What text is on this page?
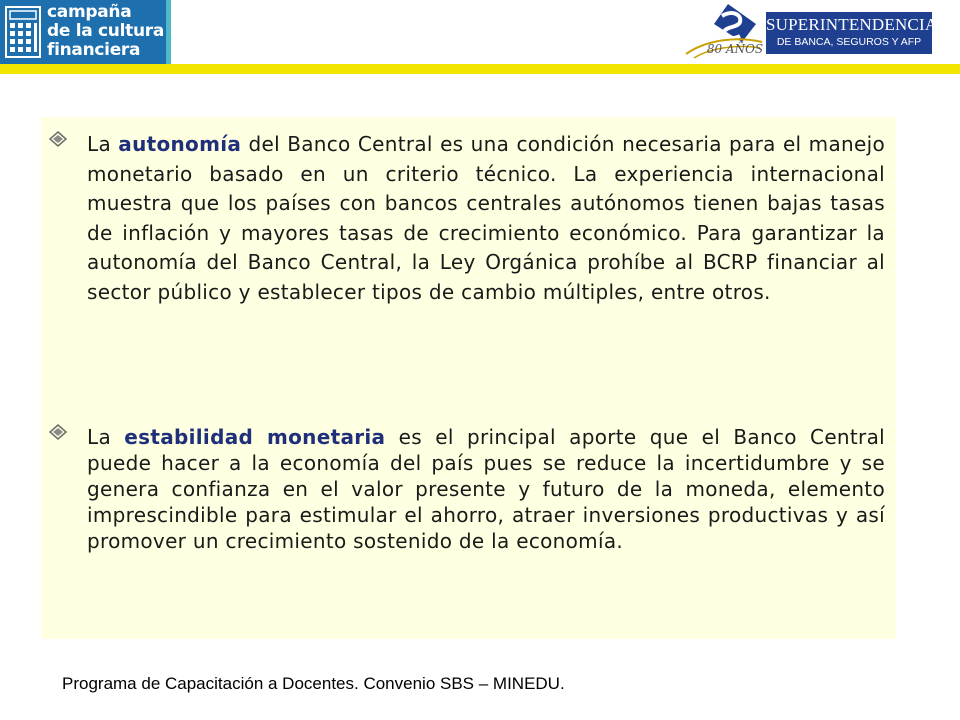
campaña
de la cultura
financiera	80 AÑOS
SUPERINTENDENCIA
DE BANCA, SEGUROS Y AFP
La autonomía del Banco Central es una condición necesaria para el manejo monetario basado en un criterio técnico. La experiencia internacional muestra que los países con bancos centrales autónomos tienen bajas tasas de inflación y mayores tasas de crecimiento económico. Para garantizar la autonomía del Banco Central, la Ley Orgánica prohíbe al BCRP financiar al sector público y establecer tipos de cambio múltiples, entre otros.
La estabilidad monetaria es el principal aporte que el Banco Central puede hacer a la economía del país pues se reduce la incertidumbre y se genera confianza en el valor presente y futuro de la moneda, elemento imprescindible para estimular el ahorro, atraer inversiones productivas y así promover un crecimiento sostenido de la economía.
Programa de Capacitación a Docentes. Convenio SBS – MINEDU.
